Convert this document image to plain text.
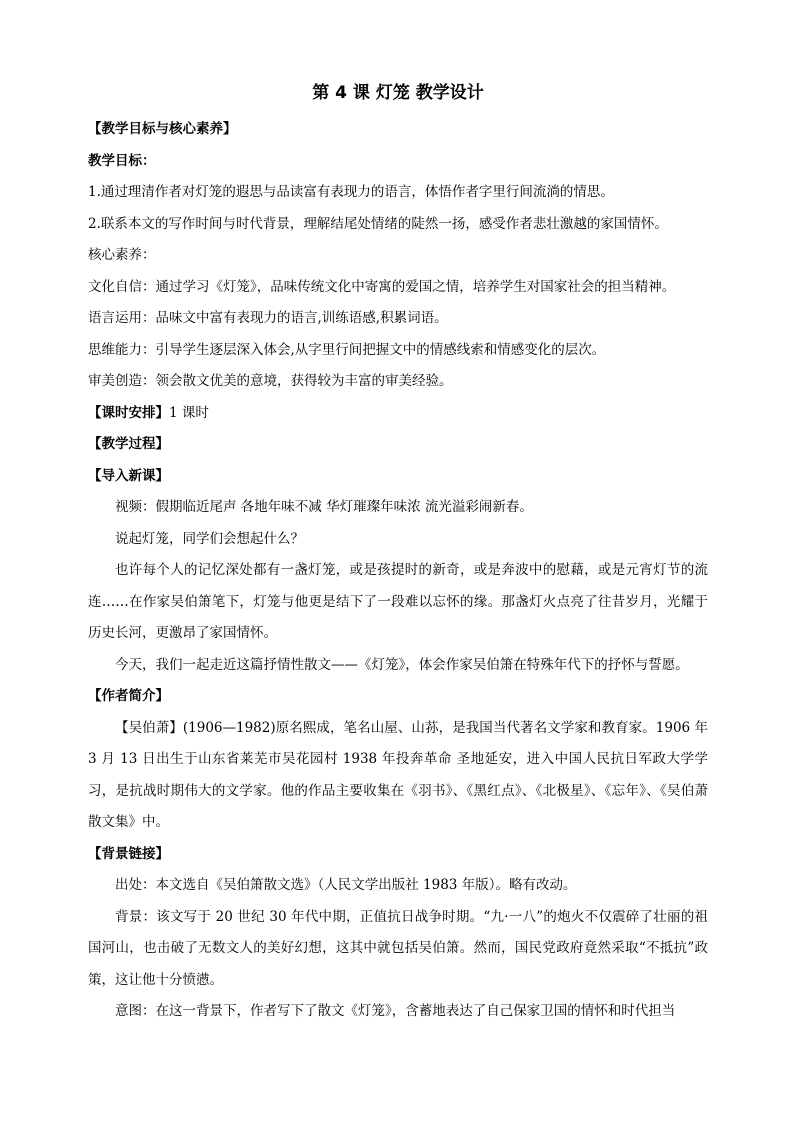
第 4 课 灯笼 教学设计

【教学目标与核心素养】

教学目标：

1.通过理清作者对灯笼的遐思与品读富有表现力的语言，体悟作者字里行间流淌的情思。

2.联系本文的写作时间与时代背景，理解结尾处情绪的陡然一扬，感受作者悲壮激越的家国情怀。

核心素养：

文化自信：通过学习《灯笼》，品味传统文化中寄寓的爱国之情，培养学生对国家社会的担当精神。

语言运用：品味文中富有表现力的语言,训练语感,积累词语。

思维能力：引导学生逐层深入体会,从字里行间把握文中的情感线索和情感变化的层次。

审美创造：领会散文优美的意境，获得较为丰富的审美经验。

【课时安排】1 课时

【教学过程】

【导入新课】

视频：假期临近尾声 各地年味不减 华灯璀璨年味浓 流光溢彩闹新春。

说起灯笼，同学们会想起什么？

也许每个人的记忆深处都有一盏灯笼，或是孩提时的新奇，或是奔波中的慰藉，或是元宵灯节的流连……在作家吴伯箫笔下，灯笼与他更是结下了一段难以忘怀的缘。那盏灯火点亮了往昔岁月，光耀于历史长河，更激昂了家国情怀。

今天，我们一起走近这篇抒情性散文——《灯笼》，体会作家吴伯箫在特殊年代下的抒怀与誓愿。

【作者简介】

【吴伯萧】(1906—1982)原名熙成，笔名山屋、山荪，是我国当代著名文学家和教育家。1906 年 3 月 13 日出生于山东省莱芜市吴花园村 1938 年投奔革命 圣地延安，进入中国人民抗日军政大学学习，是抗战时期伟大的文学家。他的作品主要收集在《羽书》、《黑红点》、《北极星》、《忘年》、《吴伯萧散文集》中。

【背景链接】

出处：本文选自《吴伯箫散文选》（人民文学出版社 1983 年版）。略有改动。

背景：该文写于 20 世纪 30 年代中期，正值抗日战争时期。“九·一八”的炮火不仅震碎了壮丽的祖国河山，也击破了无数文人的美好幻想，这其中就包括吴伯箫。然而，国民党政府竟然采取“不抵抗”政策，这让他十分愤懑。

意图：在这一背景下，作者写下了散文《灯笼》，含蓄地表达了自己保家卫国的情怀和时代担当
